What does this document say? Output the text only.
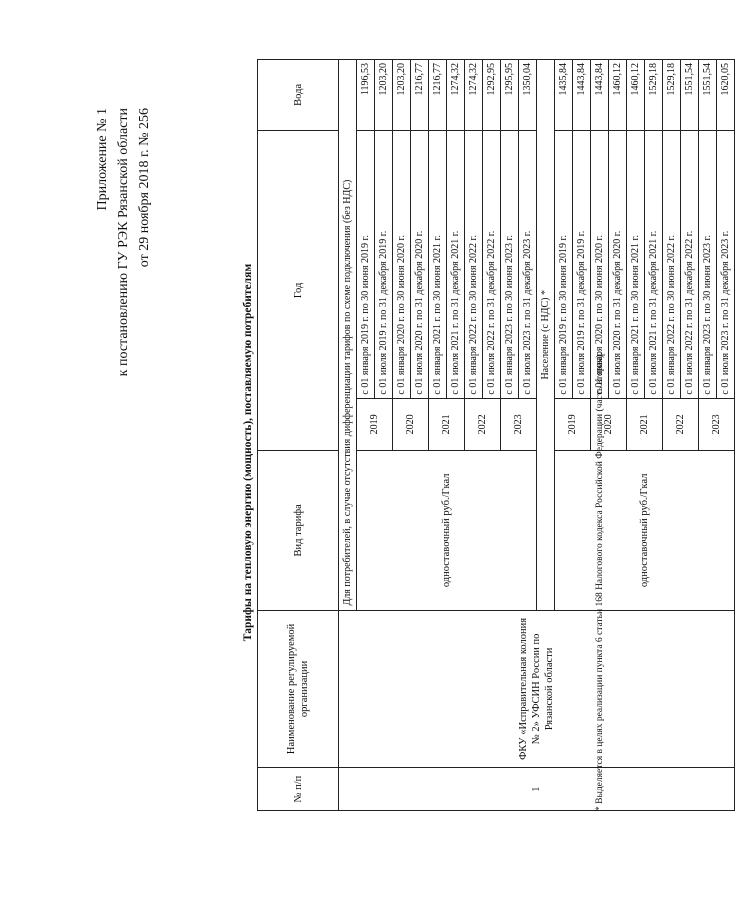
Приложение № 1 к постановлению ГУ РЭК Рязанской области от 29 ноября 2018 г. № 256
Тарифы на тепловую энергию (мощность), поставляемую потребителям
№ п/п	Наименование регулируемой организации	Вид тарифа	Год		Вода
1	ФКУ «Исправительная колония № 2» УФСИН России по Рязанской области	Для потребителей, в случае отсутствия дифференциации тарифов по схеме подключения (без НДС)			
		одноставочный руб./Гкал	2019	с 01 января 2019 г. по 30 июня 2019 г.	1196,53
				с 01 июля 2019 г. по 31 декабря 2019 г.	1203,20
			2020	с 01 января 2020 г. по 30 июня 2020 г.	1203,20
				с 01 июля 2020 г. по 31 декабря 2020 г.	1216,77
			2021	с 01 января 2021 г. по 30 июня 2021 г.	1216,77
				с 01 июля 2021 г. по 31 декабря 2021 г.	1274,32
			2022	с 01 января 2022 г. по 30 июня 2022 г.	1274,32
				с 01 июля 2022 г. по 31 декабря 2022 г.	1292,95
			2023	с 01 января 2023 г. по 30 июня 2023 г.	1295,95
				с 01 июля 2023 г. по 31 декабря 2023 г.	1350,04
		Население (с НДС) *			
		одноставочный руб./Гкал	2019	с 01 января 2019 г. по 30 июня 2019 г.	1435,84
				с 01 июля 2019 г. по 31 декабря 2019 г.	1443,84
			2020	с 01 января 2020 г. по 30 июня 2020 г.	1443,84
				с 01 июля 2020 г. по 31 декабря 2020 г.	1460,12
			2021	с 01 января 2021 г. по 30 июня 2021 г.	1460,12
				с 01 июля 2021 г. по 31 декабря 2021 г.	1529,18
			2022	с 01 января 2022 г. по 30 июня 2022 г.	1529,18
				с 01 июля 2022 г. по 31 декабря 2022 г.	1551,54
			2023	с 01 января 2023 г. по 30 июня 2023 г.	1551,54
				с 01 июля 2023 г. по 31 декабря 2023 г.	1620,05
* Выделяется в целях реализации пункта 6 статьи 168 Налогового кодекса Российской Федерации (часть вторая).
